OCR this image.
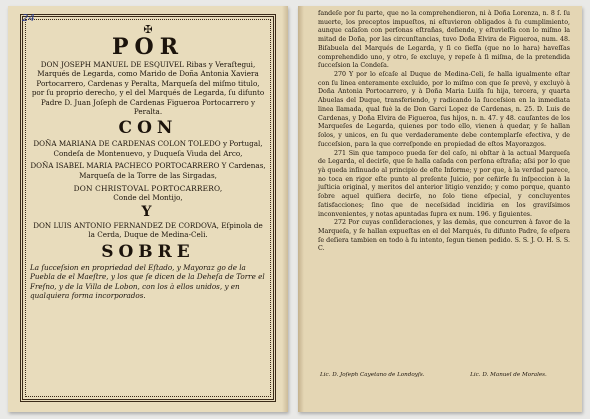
24
✠
POR

DON JOSEPH MANUEL DE ESQUIVEL Ribas y Veraſtegui, Marqués de Legarda, como Marido de Doña Antonia Xaviera Portocarrero, Cardenas y Peralta, Marqueſa del miſmo titulo, por ſu proprio derecho, y el del Marqués de Legarda, ſu difunto Padre D. Juan Joſeph de Cardenas Figueroa Portocarrero y Peralta.

CON

DOÑA MARIANA DE CARDENAS COLON TOLEDO y Portugal, Condeſa de Montenuevo, y Duqueſa Viuda del Arco,

DOÑA ISABEL MARIA PACHECO PORTOCARRERO Y Cardenas, Marqueſa de la Torre de las Sirgadas,

DON CHRISTOVAL PORTOCARRERO,

Conde del Montijo,

Y

DON LUIS ANTONIO FERNANDEZ DE CORDOVA, Eſpinola de la Cerda, Duque de Medina-Celi.

SOBRE

La ſucceſsion en propriedad del Eſtado, y Mayoraz go de la Puebla de el Maeſtre, y los que ſe dicen de la Deheſa de Torre el Freſno, y de la Villa de Lobon, con los à ellos unidos, y en qualquiera forma incorporados.

fandeſe por ſu parte, que no la comprehendieron, ni à Doña Lorenza, n. 8 ſ. ſu muerte, los preceptos impueſtos, ni eſtuvieron obligados à ſu cumplimiento, aunque caſaſon con perſonas eſtrañas, deſiende, y eſtuvieſſa con lo miſmo la mitad de Doña, por las circunſtancias, tuvo Doña Elvira de Figueroa, num. 48. Biſabuela del Marqués de Legarda, y ſi co ſieſſa (que no lo hara) haveſſas comprehendido uno, y otro, ſe excluye, y repeſe à ſi miſma, de la pretendida ſucceſsion la Condeſa.

270 Y por lo eſcaſe al Duque de Medina-Celi, ſe halla igualmente eſtar con ſu linea enteramente excluido, por lo miſmo con que ſe prevè, y excluyò à Doña Antonia Portocarrero, y à Doña Maria Luiſa ſu hija, tercera, y quarta Abuelas del Duque, transferiendo, y radicando la ſucceſsion en la inmediata linea llamada, qual fuè la de Don Garci Lopez de Cardenas, n. 25. D. Luis de Cardenas, y Doña Elvira de Figueroa, ſus hijos, n. n. 47. y 48. cauſantes de los Marqueſes de Legarda, quienes por todo ello, vienen à quedar, y ſe hallan ſolos, y unicos, en ſu que verdaderamente debe contemplarſe efectiva, y de ſucceſsion, para la que correſponde en propiedad de eſtos Mayorazgos.

271 Sin que tampoco pueda ſer del caſo, ni obſtar à la actual Marqueſa de Legarda, el decirſe, que ſe halla caſada con perſona eſtraña; aſsi por lo que yà queda inſinuado al principio de eſte Informe; y por que, à la verdad parece, no toca en rigor eſte punto al preſente Juicio, por ceñirſe ſu inſpeccion à la juſticia original, y meritos del anterior litigio venzido; y como porque, quanto ſobre aquel quiſiera decirſe, no ſolo tiene eſpecial, y concluyentes ſatisfacciones; ſino que de neceſsidad incidiria en los graviſsimos inconvenientes, y notas apuntadas ſupra ex num. 196. y ſiguientes.

272 Por cuyas conſideraciones, y las demàs, que concurren à favor de la Marqueſa, y ſe hallan expueſtas en el del Marqués, ſu difunto Padre, ſe eſpera ſe deſiera tambien en todo à ſu intento, ſegun tienen pedido. S. S. J. O. H. S. S. C.

Lic. D. Joſeph Cayetano de Londoyſs.	Lic. D. Manuel de Morales.
